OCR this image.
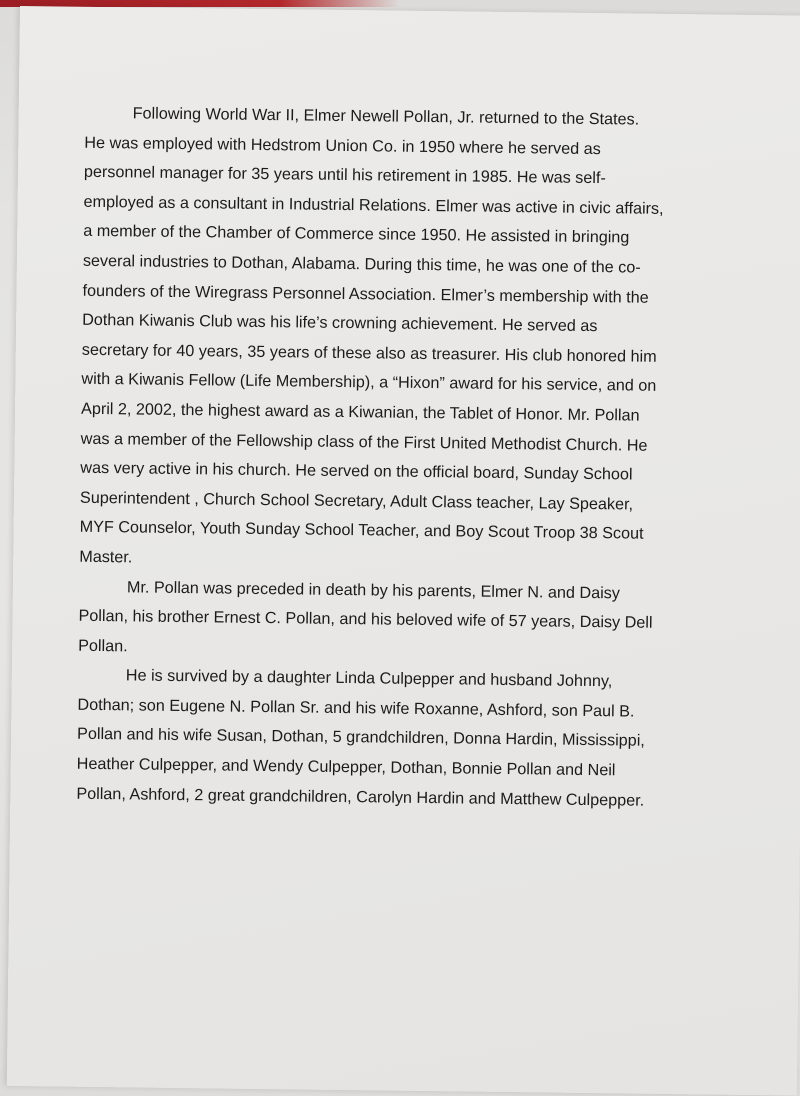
Following World War II, Elmer Newell Pollan, Jr. returned to the States.
He was employed with Hedstrom Union Co. in 1950 where he served as
personnel manager for 35 years until his retirement in 1985. He was self-
employed as a consultant in Industrial Relations. Elmer was active in civic affairs,
a member of the Chamber of Commerce since 1950. He assisted in bringing
several industries to Dothan, Alabama. During this time, he was one of the co-
founders of the Wiregrass Personnel Association. Elmer’s membership with the
Dothan Kiwanis Club was his life’s crowning achievement. He served as
secretary for 40 years, 35 years of these also as treasurer. His club honored him
with a Kiwanis Fellow (Life Membership), a “Hixon” award for his service, and on
April 2, 2002, the highest award as a Kiwanian, the Tablet of Honor. Mr. Pollan
was a member of the Fellowship class of the First United Methodist Church. He
was very active in his church. He served on the official board, Sunday School
Superintendent , Church School Secretary, Adult Class teacher, Lay Speaker,
MYF Counselor, Youth Sunday School Teacher, and Boy Scout Troop 38 Scout
Master.

Mr. Pollan was preceded in death by his parents, Elmer N. and Daisy
Pollan, his brother Ernest C. Pollan, and his beloved wife of 57 years, Daisy Dell
Pollan.

He is survived by a daughter Linda Culpepper and husband Johnny,
Dothan; son Eugene N. Pollan Sr. and his wife Roxanne, Ashford, son Paul B.
Pollan and his wife Susan, Dothan, 5 grandchildren, Donna Hardin, Mississippi,
Heather Culpepper, and Wendy Culpepper, Dothan, Bonnie Pollan and Neil
Pollan, Ashford, 2 great grandchildren, Carolyn Hardin and Matthew Culpepper.
